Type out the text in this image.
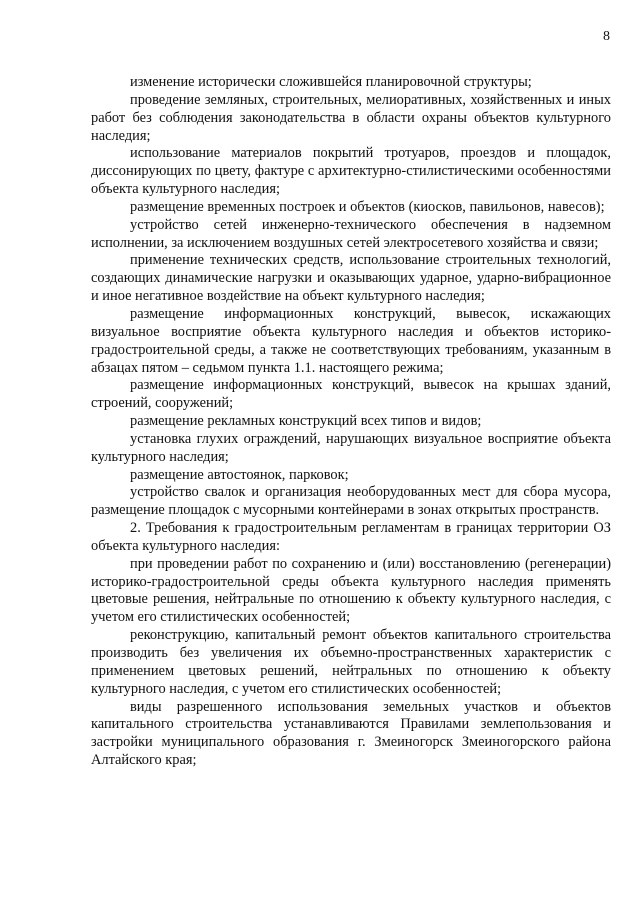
8

изменение исторически сложившейся планировочной структуры;

проведение земляных, строительных, мелиоративных, хозяйственных и иных работ без соблюдения законодательства в области охраны объектов культурного наследия;

использование материалов покрытий тротуаров, проездов и площадок, диссонирующих по цвету, фактуре с архитектурно-стилистическими особенностями объекта культурного наследия;

размещение временных построек и объектов (киосков, павильонов, навесов);

устройство сетей инженерно-технического обеспечения в надземном исполнении, за исключением воздушных сетей электросетевого хозяйства и связи;

применение технических средств, использование строительных технологий, создающих динамические нагрузки и оказывающих ударное, ударно-вибрационное и иное негативное воздействие на объект культурного наследия;

размещение информационных конструкций, вывесок, искажающих визуальное восприятие объекта культурного наследия и объектов историко-градостроительной среды, а также не соответствующих требованиям, указанным в абзацах пятом – седьмом пункта 1.1. настоящего режима;

размещение информационных конструкций, вывесок на крышах зданий, строений, сооружений;

размещение рекламных конструкций всех типов и видов;

установка глухих ограждений, нарушающих визуальное восприятие объекта культурного наследия;

размещение автостоянок, парковок;

устройство свалок и организация необорудованных мест для сбора мусора, размещение площадок с мусорными контейнерами в зонах открытых пространств.

2. Требования к градостроительным регламентам в границах территории ОЗ объекта культурного наследия:

при проведении работ по сохранению и (или) восстановлению (регенерации) историко-градостроительной среды объекта культурного наследия применять цветовые решения, нейтральные по отношению к объекту культурного наследия, с учетом его стилистических особенностей;

реконструкцию, капитальный ремонт объектов капитального строительства производить без увеличения их объемно-пространственных характеристик с применением цветовых решений, нейтральных по отношению к объекту культурного наследия, с учетом его стилистических особенностей;

виды разрешенного использования земельных участков и объектов капитального строительства устанавливаются Правилами землепользования и застройки муниципального образования г. Змеиногорск Змеиногорского района Алтайского края;
